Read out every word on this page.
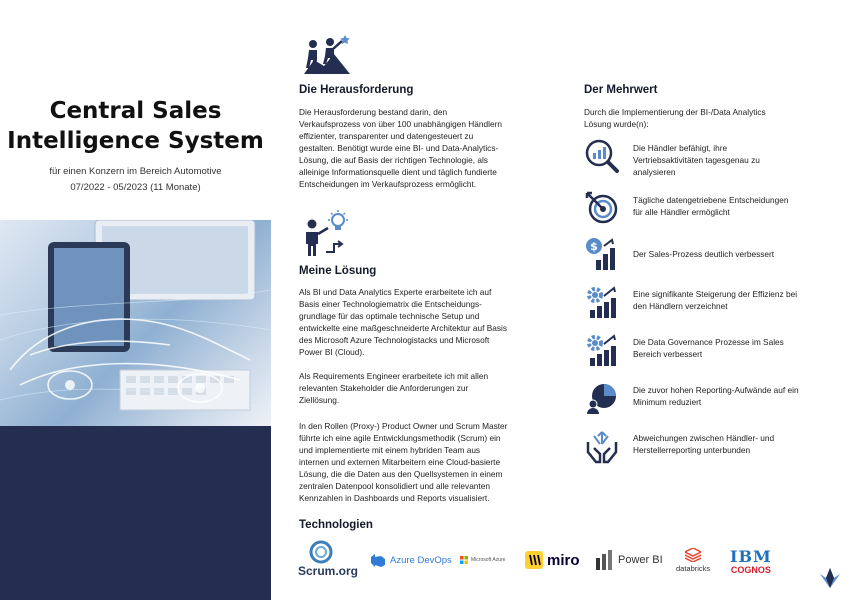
Central Sales
Intelligence System
für einen Konzern im Bereich Automotive
07/2022 - 05/2023 (11 Monate)
Die Herausforderung
Die Herausforderung bestand darin, den
Verkaufsprozess von über 100 unabhängigen Händlern
effizienter, transparenter und datengesteuert zu
gestalten. Benötigt wurde eine BI- und Data-Analytics-
Lösung, die auf Basis der richtigen Technologie, als
alleinige Informationsquelle dient und täglich fundierte
Entscheidungen im Verkaufsprozess ermöglicht.
Meine Lösung
Als BI und Data Analytics Experte erarbeitete ich auf
Basis einer Technologiematrix die Entscheidungs-
grundlage für das optimale technische Setup und
entwickelte eine maßgeschneiderte Architektur auf Basis
des Microsoft Azure Technologistacks und Microsoft
Power BI (Cloud).
Als Requirements Engineer erarbeitete ich mit allen
relevanten Stakeholder die Anforderungen zur
Ziellösung.
In den Rollen (Proxy-) Product Owner und Scrum Master
führte ich eine agile Entwicklungsmethodik (Scrum) ein
und implementierte mit einem hybriden Team aus
internen und externen Mitarbeitern eine Cloud-basierte
Lösung, die die Daten aus den Quellsystemen in einem
zentralen Datenpool konsolidiert und alle relevanten
Kennzahlen in Dashboards und Reports visualisiert.
Der Mehrwert
Durch die Implementierung der BI-/Data Analytics
Lösung wurde(n):
Die Händler befähigt, ihre
Vertriebsaktivitäten tagesgenau zu
analysieren
Tägliche datengetriebene Entscheidungen
für alle Händler ermöglicht
$
Der Sales-Prozess deutlich verbessert
Eine signifikante Steigerung der Effizienz bei
den Händlern verzeichnet
Die Data Governance Prozesse im Sales
Bereich verbessert
Die zuvor hohen Reporting-Aufwände auf ein
Minimum reduziert
Abweichungen zwischen Händler- und
Herstellerreporting unterbunden
Technologien
Scrum.org
Azure DevOps	Microsoft Azure	miro	Power BI
databricks
IBM
COGNOS
